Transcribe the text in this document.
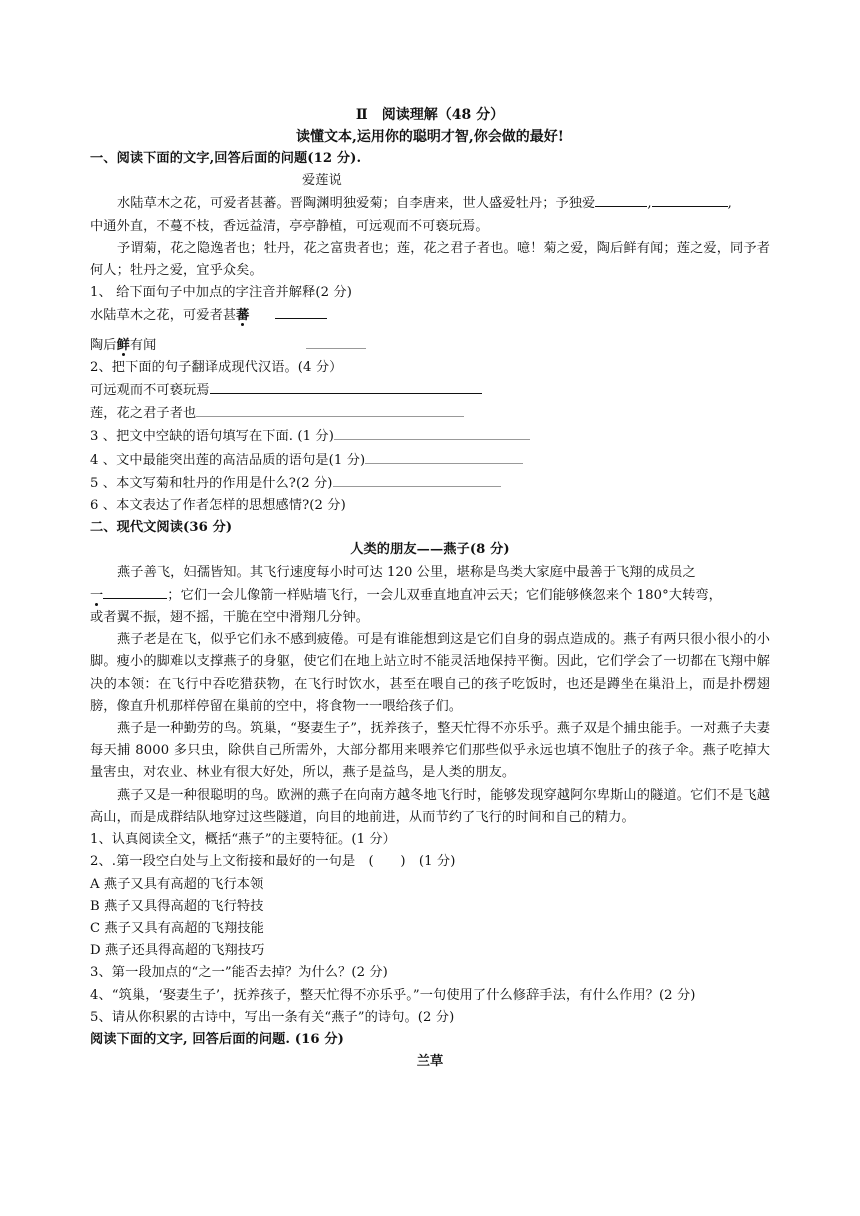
Ⅱ　阅读理解（48 分）
读懂文本,运用你的聪明才智,你会做的最好!
一、阅读下面的文字,回答后面的问题(12 分).
爱莲说
水陆草木之花，可爱者甚蕃。晋陶渊明独爱菊；自李唐来，世人盛爱牡丹；予独爱	,	,
中通外直，不蔓不枝，香远益清，亭亭静植，可远观而不可亵玩焉。
予谓菊，花之隐逸者也；牡丹，花之富贵者也；莲，花之君子者也。噫！菊之爱，陶后鲜有闻；莲之爱，同予者何人；牡丹之爱，宜乎众矣。
1、 给下面句子中加点的字注音并解释(2 分)
水陆草木之花，可爱者甚蕃
陶后鲜有闻
2、把下面的句子翻译成现代汉语。(4 分）
可远观而不可亵玩焉
莲，花之君子者也
3 、把文中空缺的语句填写在下面. (1 分)
4 、文中最能突出莲的高洁品质的语句是(1 分)
5 、本文写菊和牡丹的作用是什么?(2 分)
6 、本文表达了作者怎样的思想感情?(2 分)
二、现代文阅读(36 分)
人类的朋友——燕子(8 分)
燕子善飞，妇孺皆知。其飞行速度每小时可达 120 公里，堪称是鸟类大家庭中最善于飞翔的成员之
一	；它们一会儿像箭一样贴墙飞行，一会儿双垂直地直冲云天；它们能够倏忽来个 180°大转弯，
或者翼不振，翅不摇，干脆在空中滑翔几分钟。
燕子老是在飞，似乎它们永不感到疲倦。可是有谁能想到这是它们自身的弱点造成的。燕子有两只很小很小的小脚。瘦小的脚难以支撑燕子的身躯，使它们在地上站立时不能灵活地保持平衡。因此，它们学会了一切都在飞翔中解决的本领：在飞行中吞吃猎获物，在飞行时饮水，甚至在喂自己的孩子吃饭时，也还是蹲坐在巢沿上，而是扑楞翅膀，像直升机那样停留在巢前的空中，将食物一一喂给孩子们。
燕子是一种勤劳的鸟。筑巢，“娶妻生子”，抚养孩子，整天忙得不亦乐乎。燕子双是个捕虫能手。一对燕子夫妻每天捕 8000 多只虫，除供自己所需外，大部分都用来喂养它们那些似乎永远也填不饱肚子的孩子伞。燕子吃掉大量害虫，对农业、林业有很大好处，所以，燕子是益鸟，是人类的朋友。
燕子又是一种很聪明的鸟。欧洲的燕子在向南方越冬地飞行时，能够发现穿越阿尔卑斯山的隧道。它们不是飞越高山，而是成群结队地穿过这些隧道，向目的地前进，从而节约了飞行的时间和自己的精力。
1、认真阅读全文，概括“燕子”的主要特征。(1 分）
2、.第一段空白处与上文衔接和最好的一句是　(　　)　(1 分)
A 燕子又具有高超的飞行本领
B 燕子又具得高超的飞行特技
C 燕子又具有高超的飞翔技能
D 燕子还具得高超的飞翔技巧
3、第一段加点的“之一”能否去掉？为什么？(2 分)
4、“筑巢，‘娶妻生子’，抚养孩子，整天忙得不亦乐乎。”一句使用了什么修辞手法，有什么作用？(2 分)
5、请从你积累的古诗中，写出一条有关“燕子”的诗句。(2 分)
阅读下面的文字, 回答后面的问题. (16 分)
兰草
